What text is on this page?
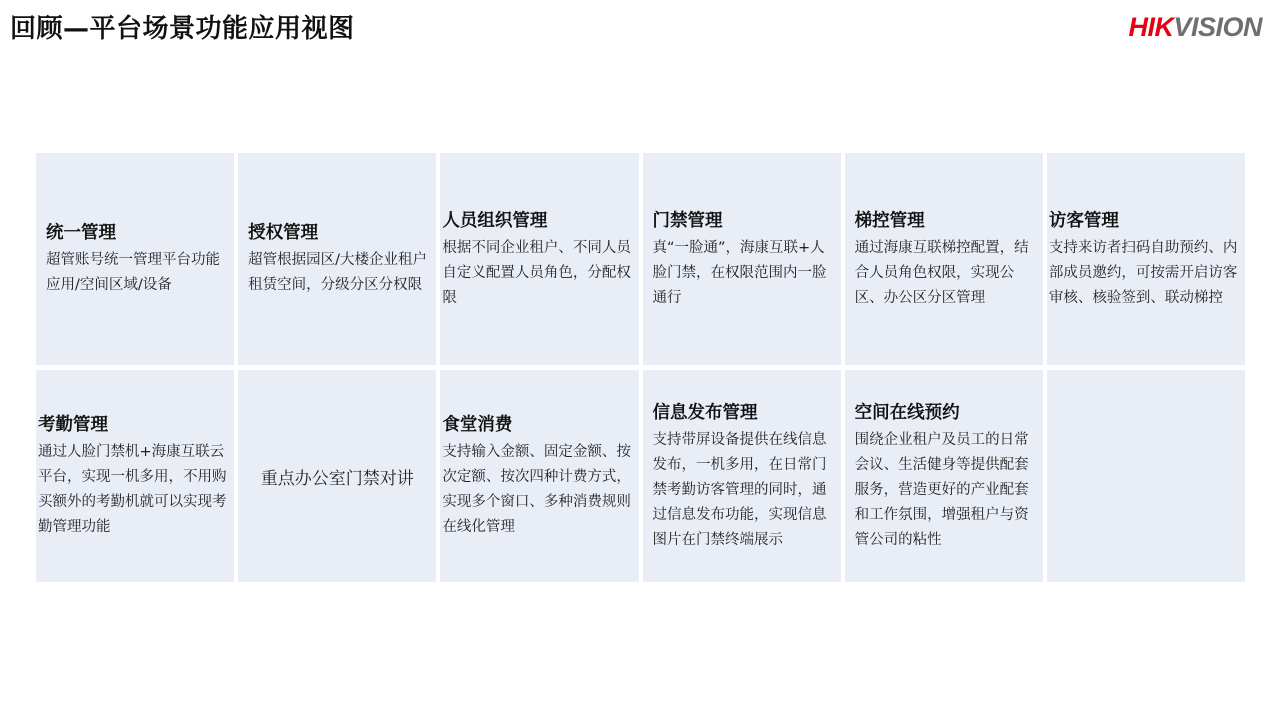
回顾—平台场景功能应用视图	HIKVISION
统一管理
超管账号统一管理平台功能应用/空间区域/设备
授权管理
超管根据园区/大楼企业租户租赁空间，分级分区分权限
人员组织管理
根据不同企业租户、不同人员自定义配置人员角色，分配权限
门禁管理
真“一脸通”，海康互联+人脸门禁，在权限范围内一脸通行
梯控管理
通过海康互联梯控配置，结合人员角色权限，实现公区、办公区分区管理
访客管理
支持来访者扫码自助预约、内部成员邀约，可按需开启访客审核、核验签到、联动梯控
考勤管理
通过人脸门禁机+海康互联云平台，实现一机多用，不用购买额外的考勤机就可以实现考勤管理功能
重点办公室门禁对讲
食堂消费
支持输入金额、固定金额、按次定额、按次四种计费方式，实现多个窗口、多种消费规则在线化管理
信息发布管理
支持带屏设备提供在线信息发布，一机多用，在日常门禁考勤访客管理的同时，通过信息发布功能，实现信息图片在门禁终端展示
空间在线预约
围绕企业租户及员工的日常会议、生活健身等提供配套服务，营造更好的产业配套和工作氛围，增强租户与资管公司的粘性
